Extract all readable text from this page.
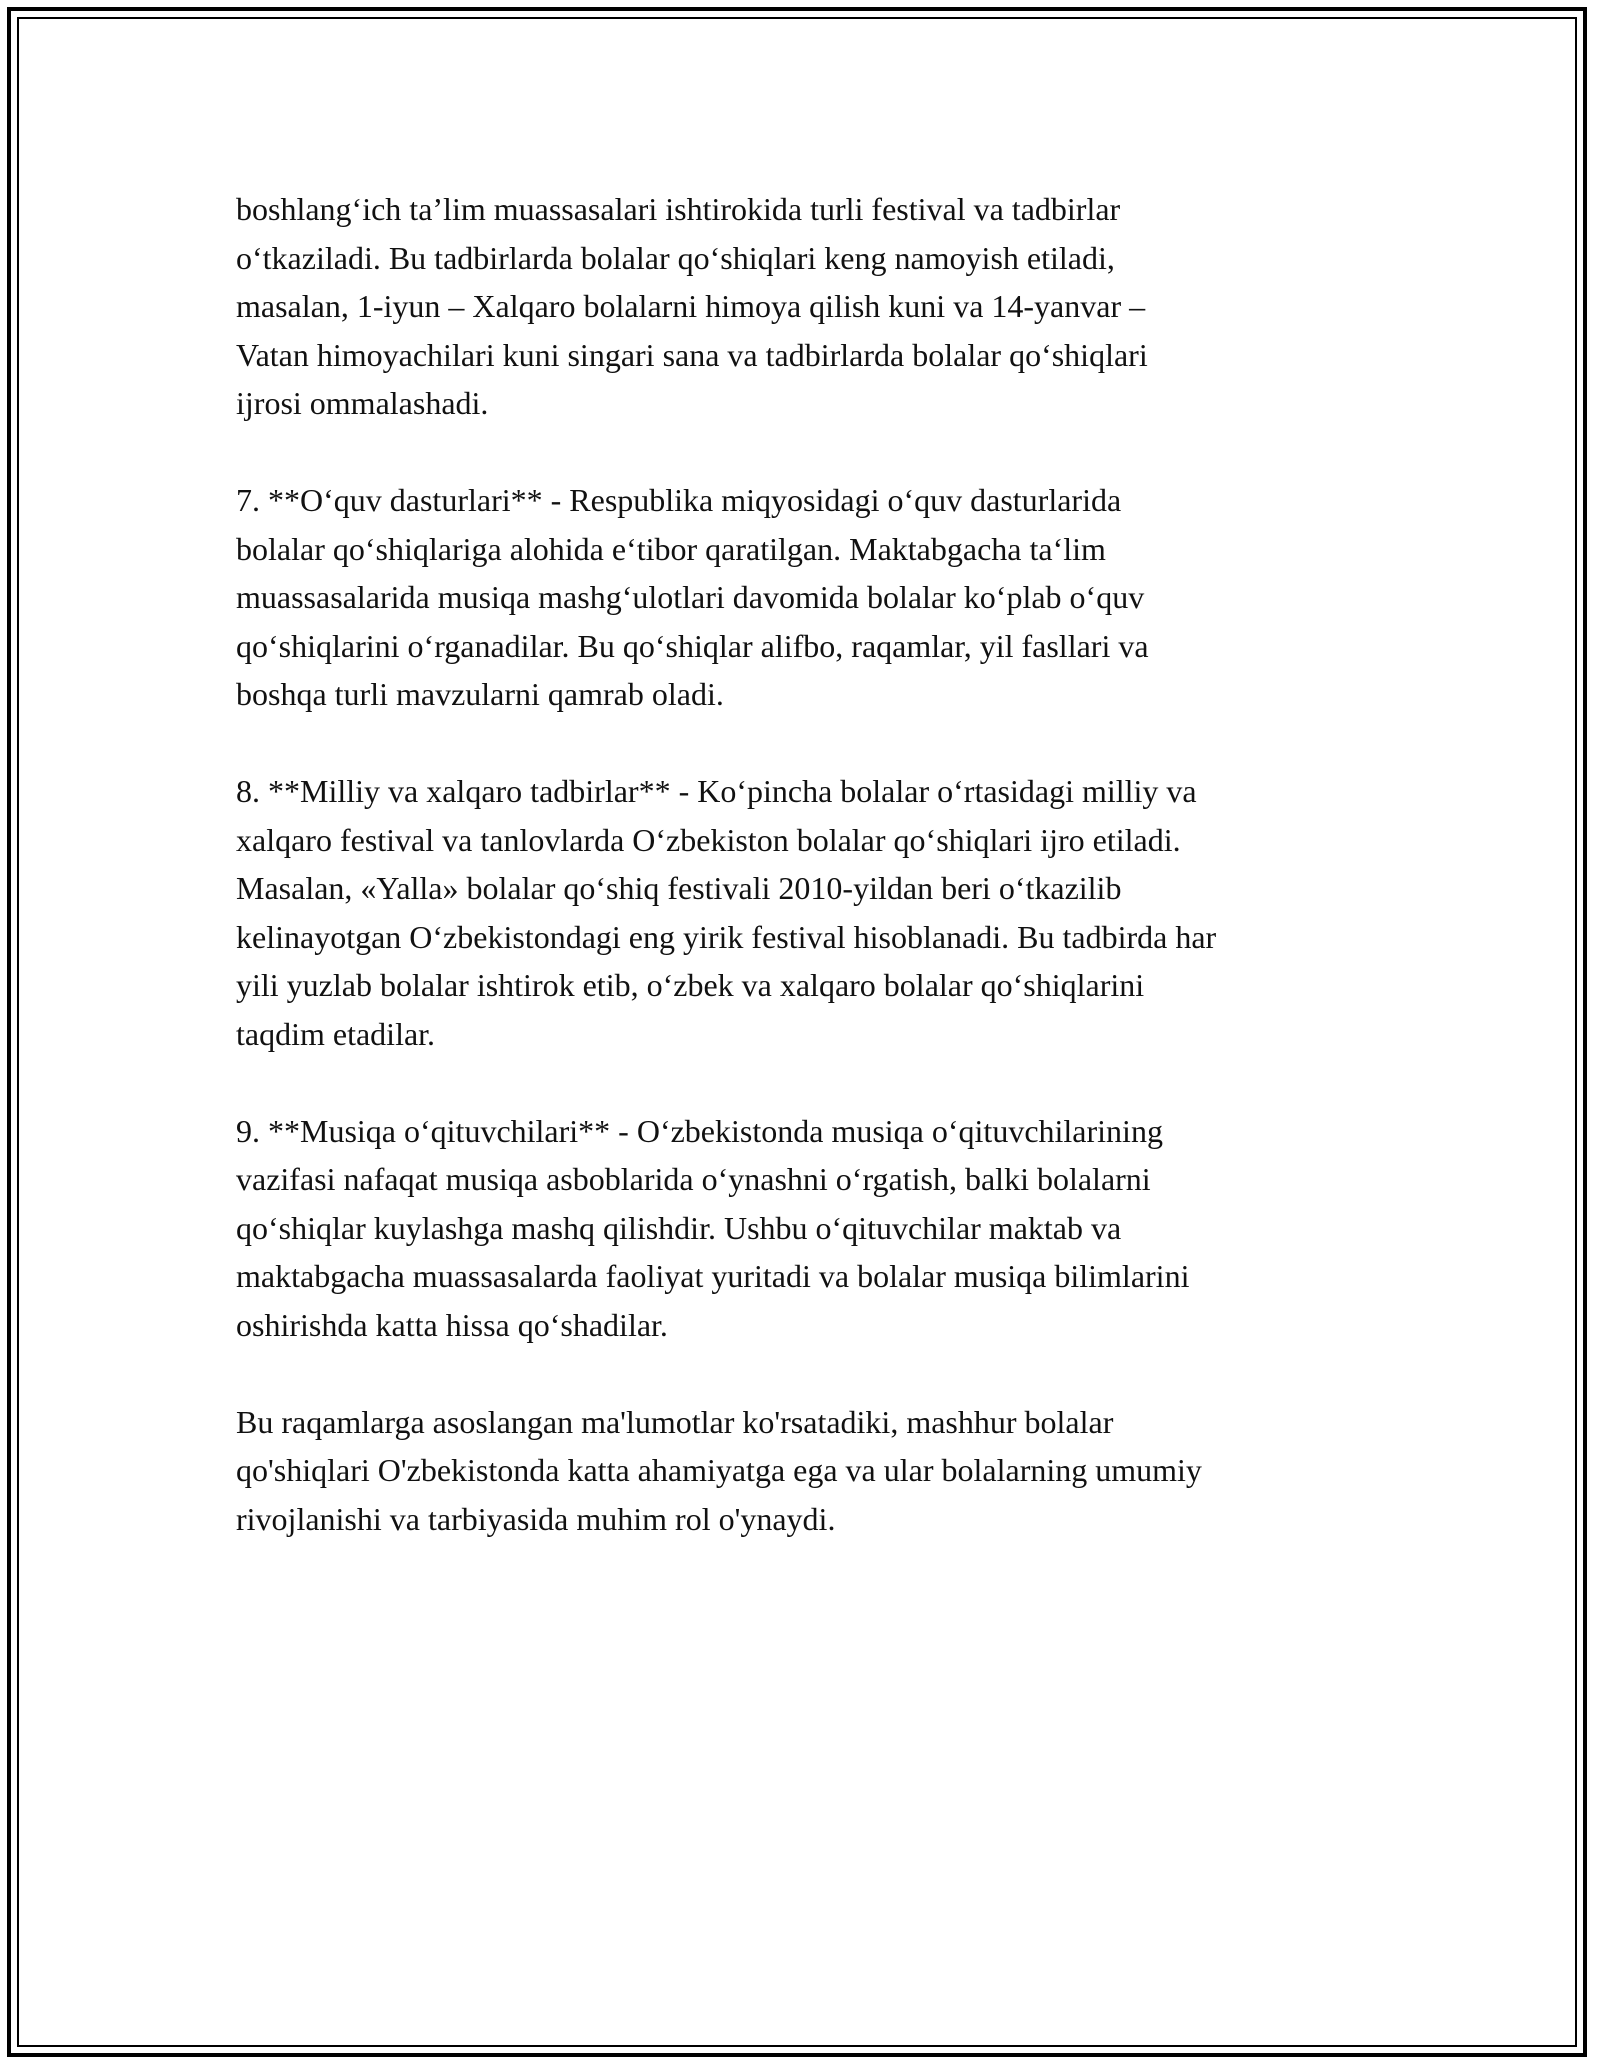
boshlang‘ich ta’lim muassasalari ishtirokida turli festival va tadbirlar
o‘tkaziladi. Bu tadbirlarda bolalar qo‘shiqlari keng namoyish etiladi,
masalan, 1-iyun – Xalqaro bolalarni himoya qilish kuni va 14-yanvar –
Vatan himoyachilari kuni singari sana va tadbirlarda bolalar qo‘shiqlari
ijrosi ommalashadi.

7. **O‘quv dasturlari** - Respublika miqyosidagi o‘quv dasturlarida
bolalar qo‘shiqlariga alohida e‘tibor qaratilgan. Maktabgacha ta‘lim
muassasalarida musiqa mashg‘ulotlari davomida bolalar ko‘plab o‘quv
qo‘shiqlarini o‘rganadilar. Bu qo‘shiqlar alifbo, raqamlar, yil fasllari va
boshqa turli mavzularni qamrab oladi.

8. **Milliy va xalqaro tadbirlar** - Ko‘pincha bolalar o‘rtasidagi milliy va
xalqaro festival va tanlovlarda O‘zbekiston bolalar qo‘shiqlari ijro etiladi.
Masalan, «Yalla» bolalar qo‘shiq festivali 2010-yildan beri o‘tkazilib
kelinayotgan O‘zbekistondagi eng yirik festival hisoblanadi. Bu tadbirda har
yili yuzlab bolalar ishtirok etib, o‘zbek va xalqaro bolalar qo‘shiqlarini
taqdim etadilar.

9. **Musiqa o‘qituvchilari** - O‘zbekistonda musiqa o‘qituvchilarining
vazifasi nafaqat musiqa asboblarida o‘ynashni o‘rgatish, balki bolalarni
qo‘shiqlar kuylashga mashq qilishdir. Ushbu o‘qituvchilar maktab va
maktabgacha muassasalarda faoliyat yuritadi va bolalar musiqa bilimlarini
oshirishda katta hissa qo‘shadilar.

Bu raqamlarga asoslangan ma'lumotlar ko'rsatadiki, mashhur bolalar
qo'shiqlari O'zbekistonda katta ahamiyatga ega va ular bolalarning umumiy
rivojlanishi va tarbiyasida muhim rol o'ynaydi.
